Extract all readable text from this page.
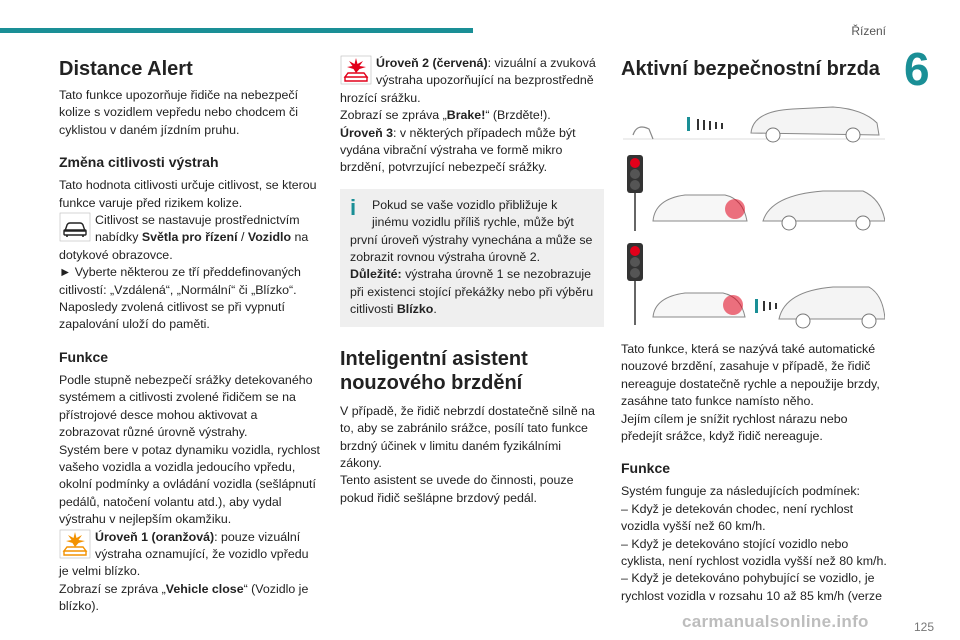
Řízení
6
Distance Alert

Tato funkce upozorňuje řidiče na nebezpečí kolize s vozidlem vepředu nebo chodcem či cyklistou v daném jízdním pruhu.

Změna citlivosti výstrah

Tato hodnota citlivosti určuje citlivost, se kterou funkce varuje před rizikem kolize.

Citlivost se nastavuje prostřednictvím nabídky Světla pro řízení / Vozidlo na dotykové obrazovce.

► Vyberte některou ze tří předdefinovaných citlivostí: „Vzdálená“, „Normální“ či „Blízko“.

Naposledy zvolená citlivost se při vypnutí zapalování uloží do paměti.

Funkce

Podle stupně nebezpečí srážky detekovaného systémem a citlivosti zvolené řidičem se na přístrojové desce mohou aktivovat a zobrazovat různé úrovně výstrahy.

Systém bere v potaz dynamiku vozidla, rychlost vašeho vozidla a vozidla jedoucího vpředu, okolní podmínky a ovládání vozidla (sešlápnutí pedálů, natočení volantu atd.), aby vydal výstrahu v nejlepším okamžiku.

Úroveň 1 (oranžová): pouze vizuální výstraha oznamující, že vozidlo vpředu je velmi blízko.

Zobrazí se zpráva „Vehicle close“ (Vozidlo je blízko).

Úroveň 2 (červená): vizuální a zvuková výstraha upozorňující na bezprostředně hrozící srážku.

Zobrazí se zpráva „Brake!“ (Brzděte!).

Úroveň 3: v některých případech může být vydána vibrační výstraha ve formě mikro brzdění, potvrzující nebezpečí srážky.

i	Pokud se vaše vozidlo přibližuje k jinému vozidlu příliš rychle, může být první úroveň výstrahy vynechána a může se zobrazit rovnou výstraha úrovně 2.

Důležité: výstraha úrovně 1 se nezobrazuje při existenci stojící překážky nebo při výběru citlivosti Blízko.

Inteligentní asistent nouzového brzdění

V případě, že řidič nebrzdí dostatečně silně na to, aby se zabránilo srážce, posílí tato funkce brzdný účinek v limitu daném fyzikálními zákony.

Tento asistent se uvede do činnosti, pouze pokud řidič sešlápne brzdový pedál.

Aktivní bezpečnostní brzda

Tato funkce, která se nazývá také automatické nouzové brzdění, zasahuje v případě, že řidič nereaguje dostatečně rychle a nepoužije brzdy, zasáhne tato funkce namísto něho.

Jejím cílem je snížit rychlost nárazu nebo předejít srážce, když řidič nereaguje.

Funkce

Systém funguje za následujících podmínek:

– Když je detekován chodec, není rychlost vozidla vyšší než 60 km/h.

– Když je detekováno stojící vozidlo nebo cyklista, není rychlost vozidla vyšší než 80 km/h.

– Když je detekováno pohybující se vozidlo, je rychlost vozidla v rozsahu 10 až 85 km/h (verze

carmanualsonline.info	125
